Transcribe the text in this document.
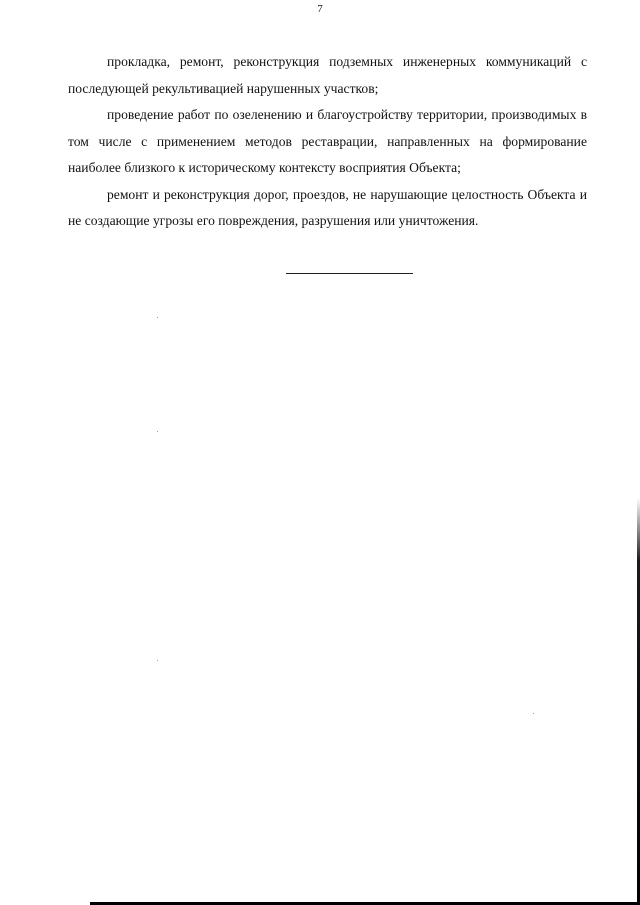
7

прокладка, ремонт, реконструкция подземных инженерных коммуникаций с последующей рекультивацией нарушенных участков;

проведение работ по озеленению и благоустройству территории, производимых в том числе с применением методов реставрации, направленных на формирование наиболее близкого к историческому контексту восприятия Объекта;

ремонт и реконструкция дорог, проездов, не нарушающие целостность Объекта и не создающие угрозы его повреждения, разрушения или уничтожения.
